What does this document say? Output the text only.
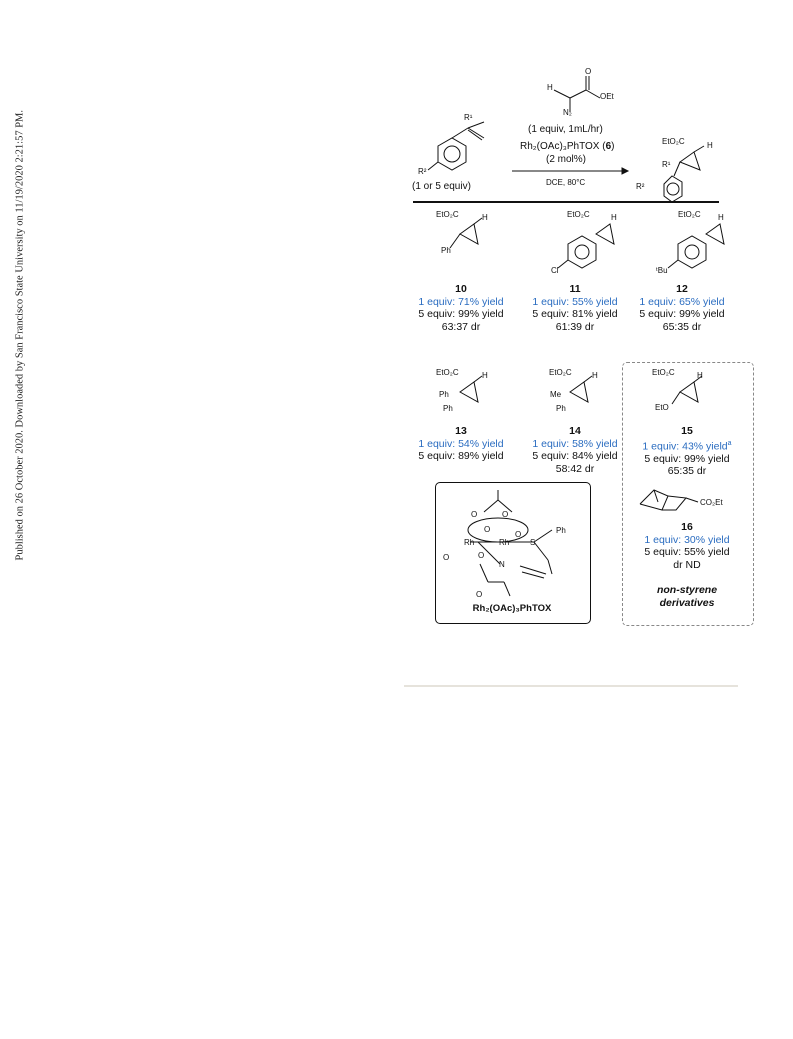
Published on 26 October 2020. Downloaded by San Francisco State University on 11/19/2020 2:21:57 PM.
H
O
OEt
N₂
R¹
R²
(1 or 5 equiv)
(1 equiv, 1mL/hr)
Rh₂(OAc)₃PhTOX (6)
(2 mol%)
DCE, 80°C
EtO₂C	H
R¹
R²
EtO₂C	H
Ph
EtO₂C	H
Cl
EtO₂C H
ᵗBu
10
1 equiv: 71% yield
5 equiv: 99% yield
63:37 dr
11
1 equiv: 55% yield
5 equiv: 81% yield
61:39 dr
12
1 equiv: 65% yield
5 equiv: 99% yield
65:35 dr
EtO₂C	H
Ph
Ph
EtO₂C	H
Me
Ph
EtO₂C	H
EtO
13
1 equiv: 54% yield
5 equiv: 89% yield
14
1 equiv: 58% yield
5 equiv: 84% yield
58:42 dr
15
1 equiv: 43% yield$^a$
5 equiv: 99% yield
65:35 dr
CO₂Et
16
1 equiv: 30% yield
5 equiv: 55% yield
dr ND
non-styrene
derivatives
O	O
O
O
Rh	Rh	S
Ph
O	O
N
O
Rh₂(OAc)₃PhTOX
